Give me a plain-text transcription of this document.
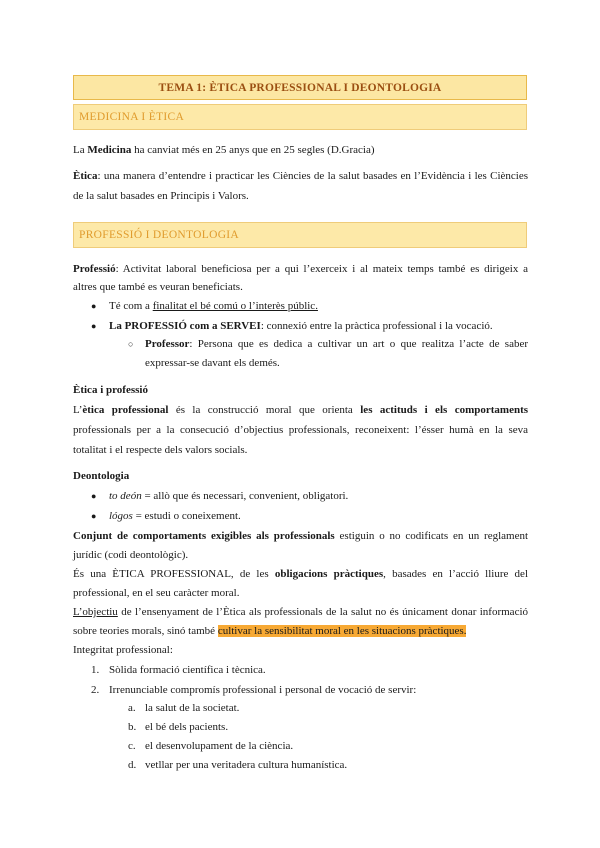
TEMA 1: ÈTICA PROFESSIONAL I DEONTOLOGIA
MEDICINA I ÈTICA
La Medicina ha canviat més en 25 anys que en 25 segles (D.Gracia)
Ètica: una manera d’entendre i practicar les Ciències de la salut basades en l’Evidència i les Ciències
de la salut basades en Principis i Valors.
PROFESSIÓ I DEONTOLOGIA
Professió: Activitat laboral beneficiosa per a qui l’exerceix i al mateix temps també es dirigeix a
altres que també es veuran beneficiats.
● Té com a finalitat el bé comú o l’interès públic.
● La PROFESSIÓ com a SERVEI: connexió entre la pràctica professional i la vocació.
○ Professor: Persona que es dedica a cultivar un art o que realitza l’acte de saber
expressar-se davant els demés.
Ètica i professió
L’ètica professional és la construcció moral que orienta les actituds i els comportaments
professionals per a la consecució d’objectius professionals, reconeixent: l’ésser humà en la seva
totalitat i el respecte dels valors socials.
Deontologia
● to deón = allò que és necessari, convenient, obligatori.
● lógos = estudi o coneixement.
Conjunt de comportaments exigibles als professionals estiguin o no codificats en un reglament
jurídic (codi deontològic).
És una ÈTICA PROFESSIONAL, de les obligacions pràctiques, basades en l’acció lliure del
professional, en el seu caràcter moral.
L’objectiu de l’ensenyament de l’Ètica als professionals de la salut no és únicament donar informació
sobre teories morals, sinó també cultivar la sensibilitat moral en les situacions pràctiques.
Integritat professional:
1. Sòlida formació científica i tècnica.
2. Irrenunciable compromís professional i personal de vocació de servir:
a. la salut de la societat.
b. el bé dels pacients.
c. el desenvolupament de la ciència.
d. vetllar per una veritadera cultura humanística.
